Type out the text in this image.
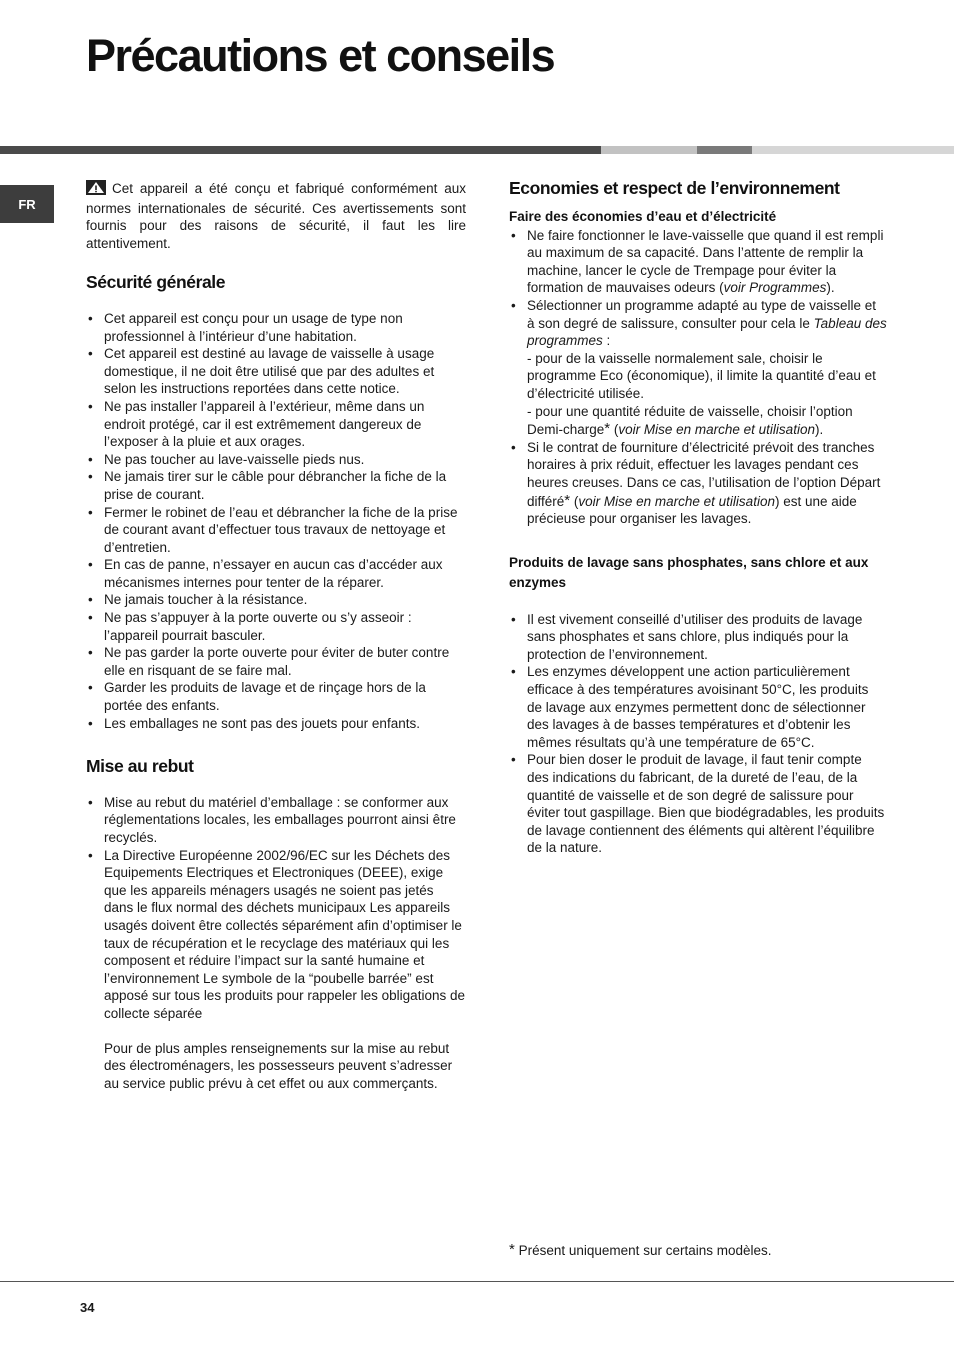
Précautions et conseils
FR

Cet appareil a été conçu et fabriqué conformément aux normes internationales de sécurité. Ces avertissements sont fournis pour des raisons de sécurité, il faut les lire attentivement.

Sécurité générale
• Cet appareil est conçu pour un usage de type non professionnel à l’intérieur d’une habitation.
• Cet appareil est destiné au lavage de vaisselle à usage domestique, il ne doit être utilisé que par des adultes et selon les instructions reportées dans cette notice.
• Ne pas installer l’appareil à l’extérieur, même dans un endroit protégé, car il est extrêmement dangereux de l’exposer à la pluie et aux orages.
• Ne pas toucher au lave-vaisselle pieds nus.
• Ne jamais tirer sur le câble pour débrancher la fiche de la prise de courant.
• Fermer le robinet de l’eau et débrancher la fiche de la prise de courant avant d’effectuer tous travaux de nettoyage et d’entretien.
• En cas de panne, n’essayer en aucun cas d’accéder aux mécanismes internes pour tenter de la réparer.
• Ne jamais toucher à la résistance.
• Ne pas s’appuyer à la porte ouverte ou s’y asseoir : l’appareil pourrait basculer.
• Ne pas garder la porte ouverte pour éviter de buter contre elle en risquant de se faire mal.
• Garder les produits de lavage et de rinçage hors de la portée des enfants.
• Les emballages ne sont pas des jouets pour enfants.
Mise au rebut
• Mise au rebut du matériel d’emballage : se conformer aux réglementations locales, les emballages pourront ainsi être recyclés.
• La Directive Européenne 2002/96/EC sur les Déchets des Equipements Electriques et Electroniques (DEEE), exige que les appareils ménagers usagés ne soient pas jetés dans le flux normal des déchets municipaux Les appareils usagés doivent être collectés séparément afin d’optimiser le taux de récupération et le recyclage des matériaux qui les composent et réduire l’impact sur la santé humaine et l’environnement Le symbole de la “poubelle barrée” est apposé sur tous les produits pour rappeler les obligations de collecte séparée

Pour de plus amples renseignements sur la mise au rebut des électroménagers, les possesseurs peuvent s’adresser au service public prévu à cet effet ou aux commerçants.

Economies et respect de l’environnement
Faire des économies d’eau et d’électricité
• Ne faire fonctionner le lave-vaisselle que quand il est rempli au maximum de sa capacité. Dans l’attente de remplir la machine, lancer le cycle de Trempage pour éviter la formation de mauvaises odeurs (voir Programmes).
• Sélectionner un programme adapté au type de vaisselle et à son degré de salissure, consulter pour cela le Tableau des programmes :
- pour de la vaisselle normalement sale, choisir le programme Eco (économique), il limite la quantité d’eau et d’électricité utilisée.
- pour une quantité réduite de vaisselle, choisir l’option Demi-charge* (voir Mise en marche et utilisation).
• Si le contrat de fourniture d’électricité prévoit des tranches horaires à prix réduit, effectuer les lavages pendant ces heures creuses. Dans ce cas, l’utilisation de l’option Départ différé* (voir Mise en marche et utilisation) est une aide précieuse pour organiser les lavages.
Produits de lavage sans phosphates, sans chlore et aux enzymes
• Il est vivement conseillé d’utiliser des produits de lavage sans phosphates et sans chlore, plus indiqués pour la protection de l’environnement.
• Les enzymes développent une action particulièrement efficace à des températures avoisinant 50°C, les produits de lavage aux enzymes permettent donc de sélectionner des lavages à de basses températures et d’obtenir les mêmes résultats qu’à une température de 65°C.
• Pour bien doser le produit de lavage, il faut tenir compte des indications du fabricant, de la dureté de l’eau, de la quantité de vaisselle et de son degré de salissure pour éviter tout gaspillage. Bien que biodégradables, les produits de lavage contiennent des éléments qui altèrent l’équilibre de la nature.

* Présent uniquement sur certains modèles.

34
